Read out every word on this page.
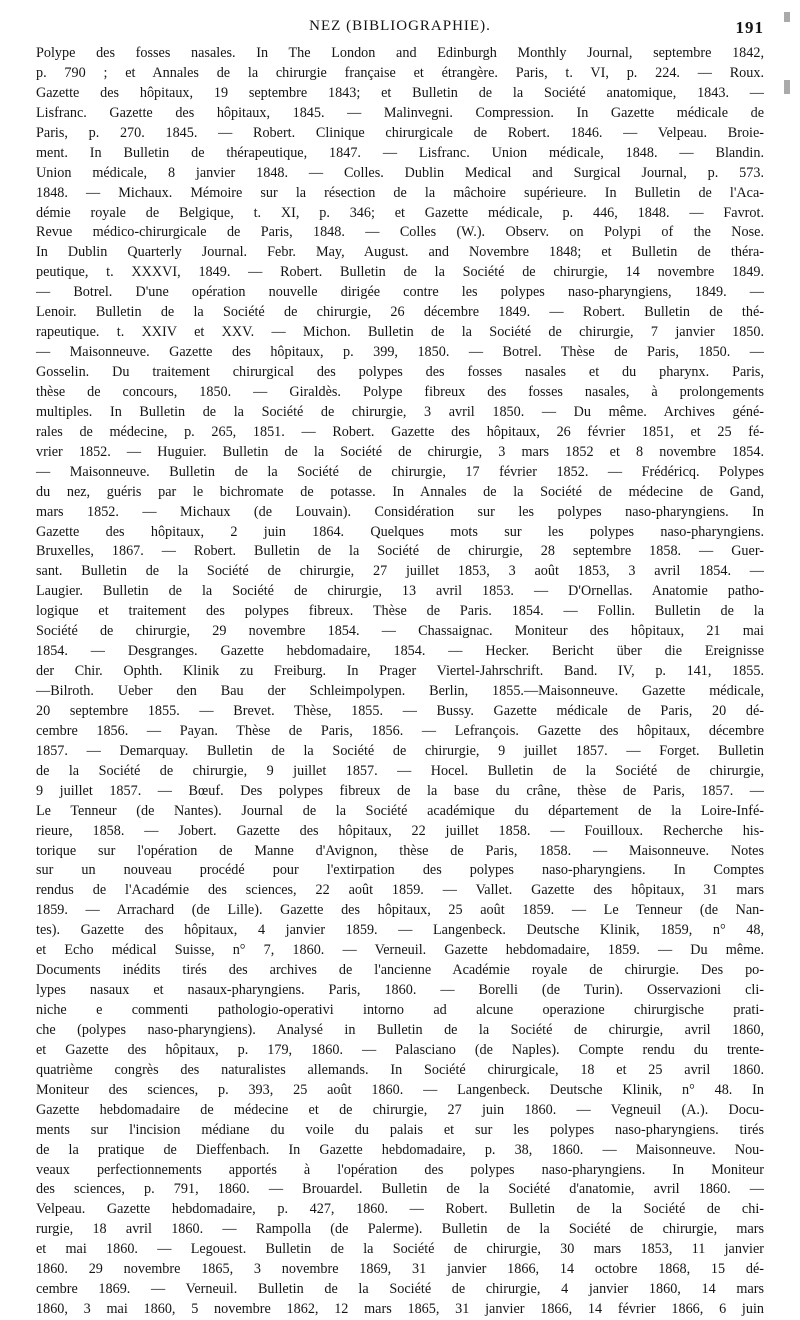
NEZ (BIBLIOGRAPHIE).	191
Polype des fosses nasales. In The London and Edinburgh Monthly Journal, septembre 1842,
p. 790 ; et Annales de la chirurgie française et étrangère. Paris, t. VI, p. 224. — Roux.
Gazette des hôpitaux, 19 septembre 1843; et Bulletin de la Société anatomique, 1843. —
Lisfranc. Gazette des hôpitaux, 1845. — Malinvegni. Compression. In Gazette médicale de
Paris, p. 270. 1845. — Robert. Clinique chirurgicale de Robert. 1846. — Velpeau. Broie-
ment. In Bulletin de thérapeutique, 1847. — Lisfranc. Union médicale, 1848. — Blandin.
Union médicale, 8 janvier 1848. — Colles. Dublin Medical and Surgical Journal, p. 573.
1848. — Michaux. Mémoire sur la résection de la mâchoire supérieure. In Bulletin de l'Aca-
démie royale de Belgique, t. XI, p. 346; et Gazette médicale, p. 446, 1848. — Favrot.
Revue médico-chirurgicale de Paris, 1848. — Colles (W.). Observ. on Polypi of the Nose.
In Dublin Quarterly Journal. Febr. May, August. and Novembre 1848; et Bulletin de théra-
peutique, t. XXXVI, 1849. — Robert. Bulletin de la Société de chirurgie, 14 novembre 1849.
— Botrel. D'une opération nouvelle dirigée contre les polypes naso-pharyngiens, 1849. —
Lenoir. Bulletin de la Société de chirurgie, 26 décembre 1849. — Robert. Bulletin de thé-
rapeutique. t. XXIV et XXV. — Michon. Bulletin de la Société de chirurgie, 7 janvier 1850.
— Maisonneuve. Gazette des hôpitaux, p. 399, 1850. — Botrel. Thèse de Paris, 1850. —
Gosselin. Du traitement chirurgical des polypes des fosses nasales et du pharynx. Paris,
thèse de concours, 1850. — Giraldès. Polype fibreux des fosses nasales, à prolongements
multiples. In Bulletin de la Société de chirurgie, 3 avril 1850. — Du même. Archives géné-
rales de médecine, p. 265, 1851. — Robert. Gazette des hôpitaux, 26 février 1851, et 25 fé-
vrier 1852. — Huguier. Bulletin de la Société de chirurgie, 3 mars 1852 et 8 novembre 1854.
— Maisonneuve. Bulletin de la Société de chirurgie, 17 février 1852. — Frédéricq. Polypes
du nez, guéris par le bichromate de potasse. In Annales de la Société de médecine de Gand,
mars 1852. — Michaux (de Louvain). Considération sur les polypes naso-pharyngiens. In
Gazette des hôpitaux, 2 juin 1864. Quelques mots sur les polypes naso-pharyngiens.
Bruxelles, 1867. — Robert. Bulletin de la Société de chirurgie, 28 septembre 1858. — Guer-
sant. Bulletin de la Société de chirurgie, 27 juillet 1853, 3 août 1853, 3 avril 1854. —
Laugier. Bulletin de la Société de chirurgie, 13 avril 1853. — D'Ornellas. Anatomie patho-
logique et traitement des polypes fibreux. Thèse de Paris. 1854. — Follin. Bulletin de la
Société de chirurgie, 29 novembre 1854. — Chassaignac. Moniteur des hôpitaux, 21 mai
1854. — Desgranges. Gazette hebdomadaire, 1854. — Hecker. Bericht über die Ereignisse
der Chir. Ophth. Klinik zu Freiburg. In Prager Viertel-Jahrschrift. Band. IV, p. 141, 1855.
—Bilroth. Ueber den Bau der Schleimpolypen. Berlin, 1855.—Maisonneuve. Gazette médicale,
20 septembre 1855. — Brevet. Thèse, 1855. — Bussy. Gazette médicale de Paris, 20 dé-
cembre 1856. — Payan. Thèse de Paris, 1856. — Lefrançois. Gazette des hôpitaux, décembre
1857. — Demarquay. Bulletin de la Société de chirurgie, 9 juillet 1857. — Forget. Bulletin
de la Société de chirurgie, 9 juillet 1857. — Hocel. Bulletin de la Société de chirurgie,
9 juillet 1857. — Bœuf. Des polypes fibreux de la base du crâne, thèse de Paris, 1857. —
Le Tenneur (de Nantes). Journal de la Société académique du département de la Loire-Infé-
rieure, 1858. — Jobert. Gazette des hôpitaux, 22 juillet 1858. — Fouilloux. Recherche his-
torique sur l'opération de Manne d'Avignon, thèse de Paris, 1858. — Maisonneuve. Notes
sur un nouveau procédé pour l'extirpation des polypes naso-pharyngiens. In Comptes
rendus de l'Académie des sciences, 22 août 1859. — Vallet. Gazette des hôpitaux, 31 mars
1859. — Arrachard (de Lille). Gazette des hôpitaux, 25 août 1859. — Le Tenneur (de Nan-
tes). Gazette des hôpitaux, 4 janvier 1859. — Langenbeck. Deutsche Klinik, 1859, n° 48,
et Echo médical Suisse, n° 7, 1860. — Verneuil. Gazette hebdomadaire, 1859. — Du même.
Documents inédits tirés des archives de l'ancienne Académie royale de chirurgie. Des po-
lypes nasaux et nasaux-pharyngiens. Paris, 1860. — Borelli (de Turin). Osservazioni cli-
niche e commenti pathologio-operativi intorno ad alcune operazione chirurgische prati-
che (polypes naso-pharyngiens). Analysé in Bulletin de la Société de chirurgie, avril 1860,
et Gazette des hôpitaux, p. 179, 1860. — Palasciano (de Naples). Compte rendu du trente-
quatrième congrès des naturalistes allemands. In Société chirurgicale, 18 et 25 avril 1860.
Moniteur des sciences, p. 393, 25 août 1860. — Langenbeck. Deutsche Klinik, n° 48. In
Gazette hebdomadaire de médecine et de chirurgie, 27 juin 1860. — Vegneuil (A.). Docu-
ments sur l'incision médiane du voile du palais et sur les polypes naso-pharyngiens. tirés
de la pratique de Dieffenbach. In Gazette hebdomadaire, p. 38, 1860. — Maisonneuve. Nou-
veaux perfectionnements apportés à l'opération des polypes naso-pharyngiens. In Moniteur
des sciences, p. 791, 1860. — Brouardel. Bulletin de la Société d'anatomie, avril 1860. —
Velpeau. Gazette hebdomadaire, p. 427, 1860. — Robert. Bulletin de la Société de chi-
rurgie, 18 avril 1860. — Rampolla (de Palerme). Bulletin de la Société de chirurgie, mars
et mai 1860. — Legouest. Bulletin de la Société de chirurgie, 30 mars 1853, 11 janvier
1860. 29 novembre 1865, 3 novembre 1869, 31 janvier 1866, 14 octobre 1868, 15 dé-
cembre 1869. — Verneuil. Bulletin de la Société de chirurgie, 4 janvier 1860, 14 mars
1860, 3 mai 1860, 5 novembre 1862, 12 mars 1865, 31 janvier 1866, 14 février 1866, 6 juin
